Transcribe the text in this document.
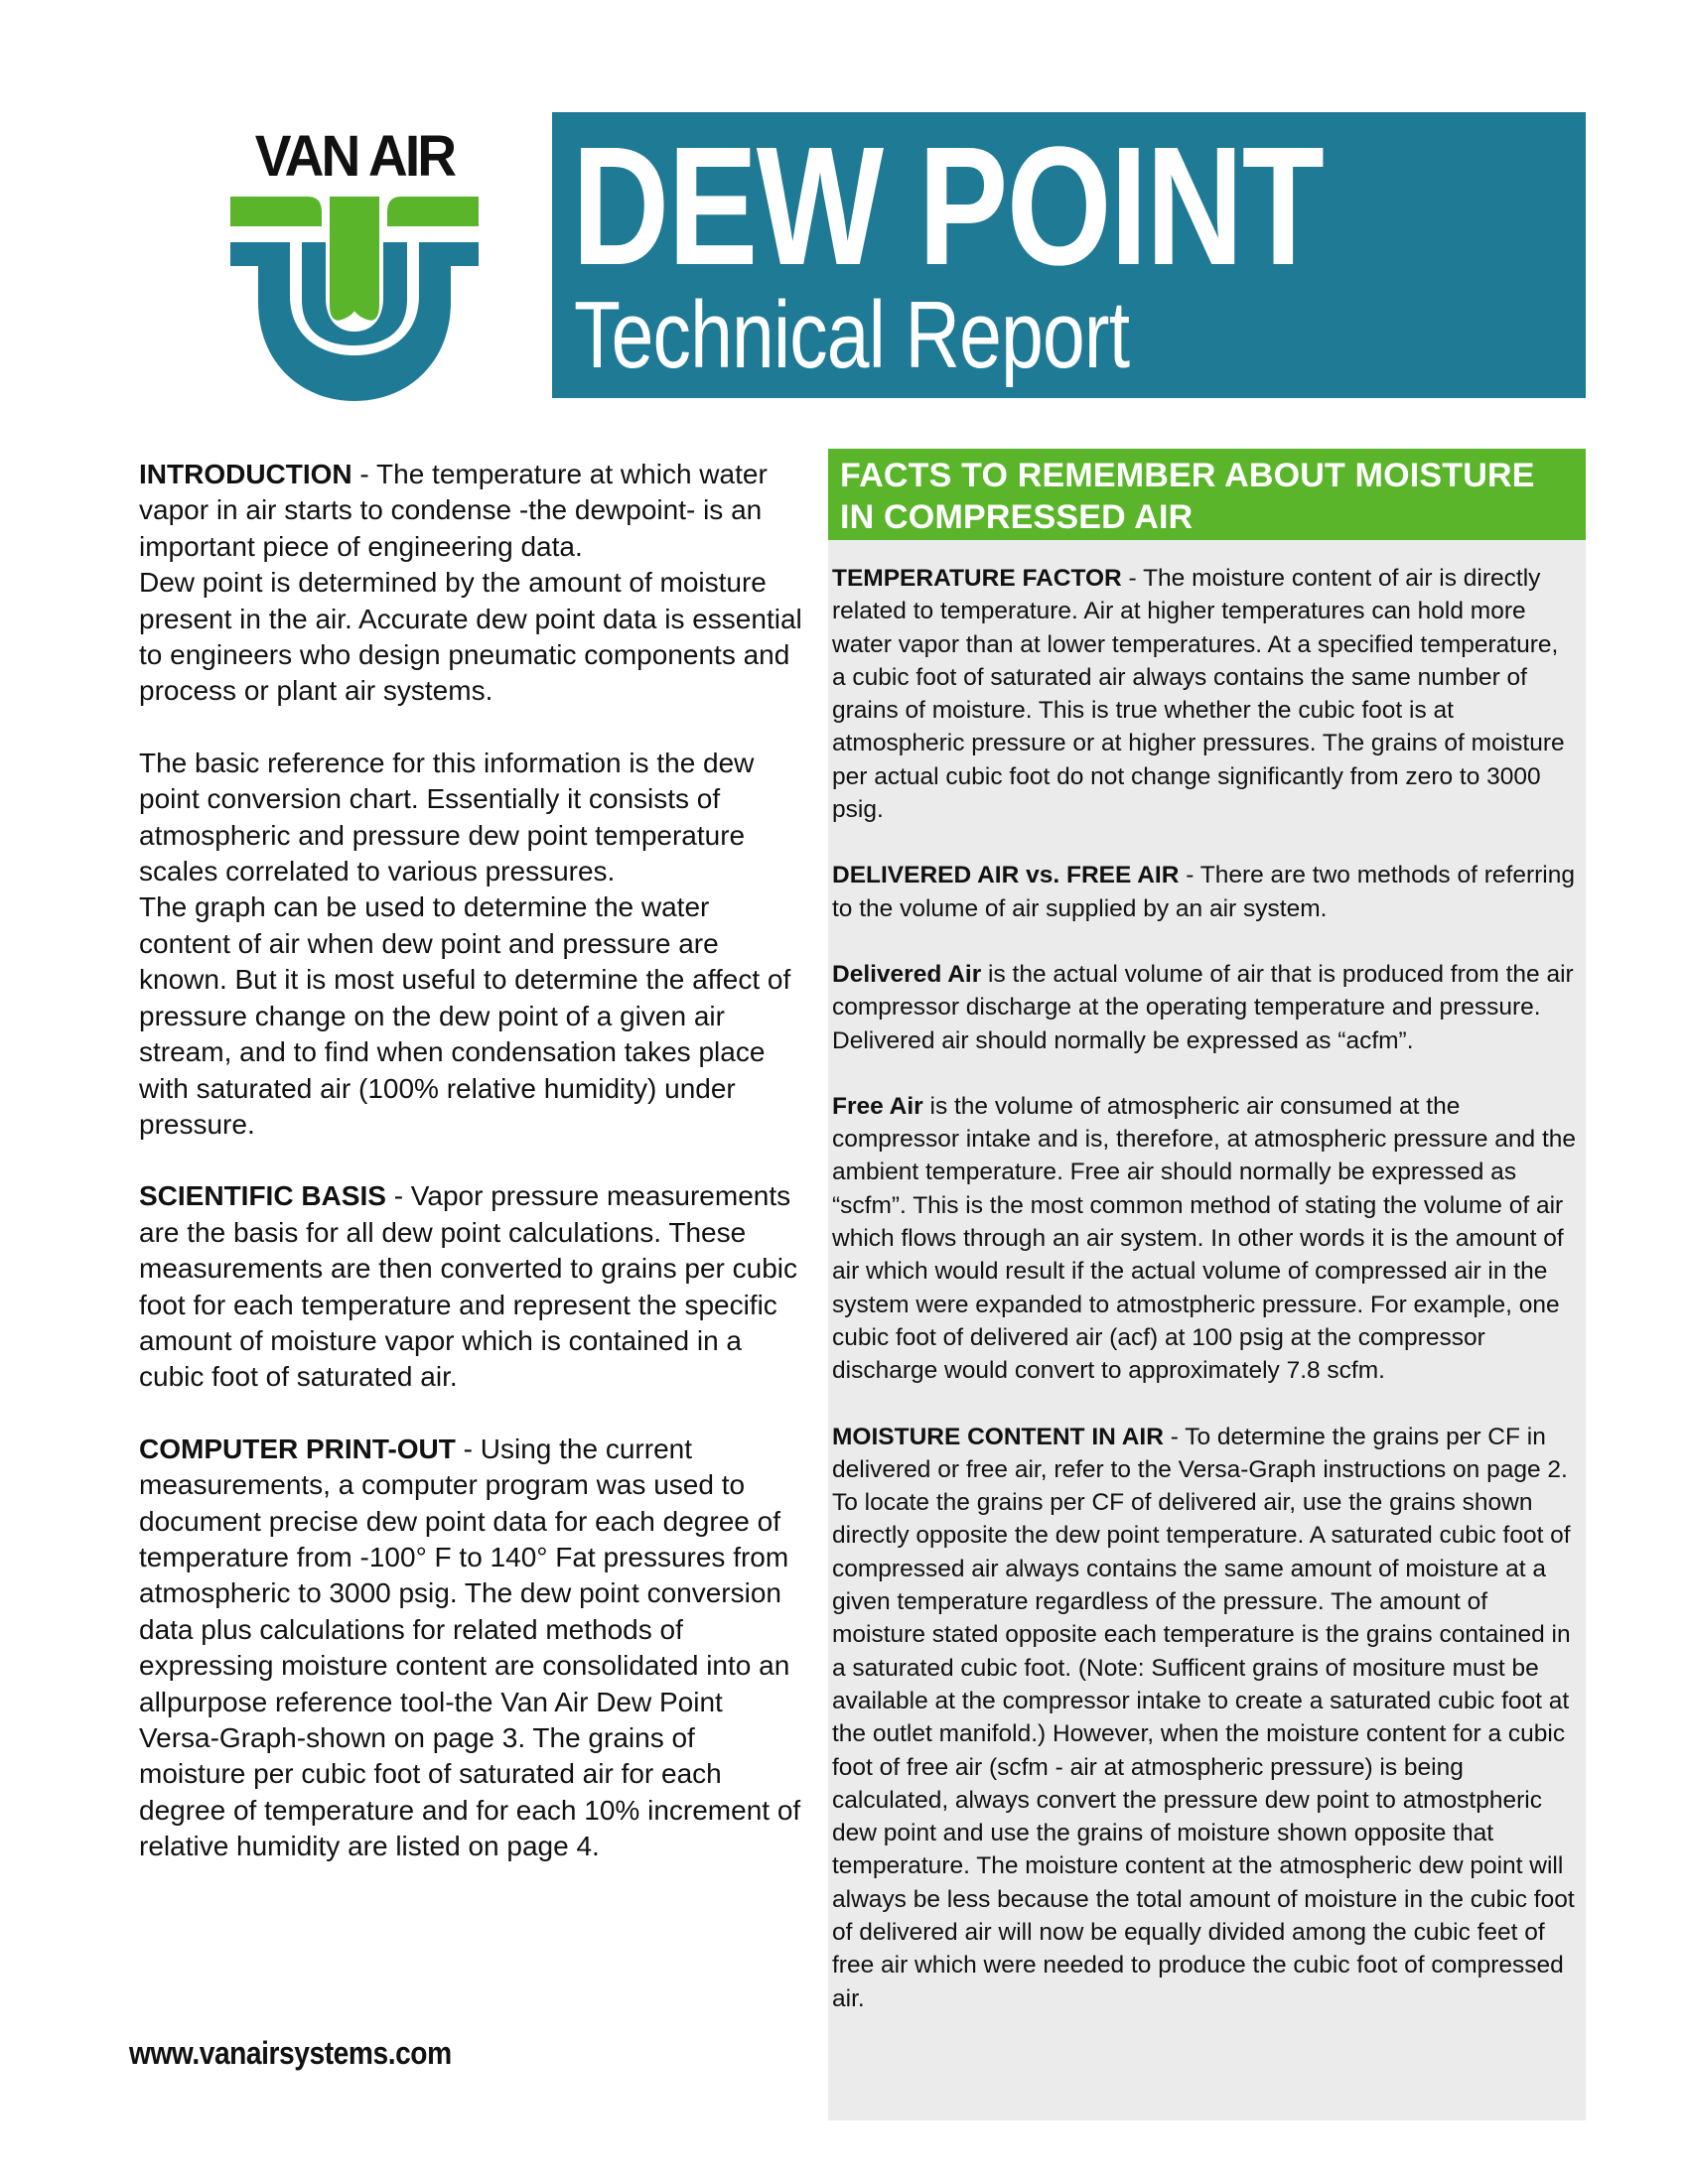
VAN AIR DEW POINT
Technical Report

INTRODUCTION - The temperature at which water vapor in air starts to condense -the dewpoint- is an important piece of engineering data.
Dew point is determined by the amount of moisture present in the air. Accurate dew point data is essential to engineers who design pneumatic components and process or plant air systems.

The basic reference for this information is the dew point conversion chart. Essentially it consists of atmospheric and pressure dew point temperature scales correlated to various pressures.
The graph can be used to determine the water content of air when dew point and pressure are known. But it is most useful to determine the affect of pressure change on the dew point of a given air stream, and to find when condensation takes place with saturated air (100% relative humidity) under pressure.

SCIENTIFIC BASIS - Vapor pressure measurements are the basis for all dew point calculations. These measurements are then converted to grains per cubic foot for each temperature and represent the specific amount of moisture vapor which is contained in a cubic foot of saturated air.

COMPUTER PRINT-OUT - Using the current measurements, a computer program was used to document precise dew point data for each degree of temperature from -100° F to 140° Fat pressures from atmospheric to 3000 psig. The dew point conversion data plus calculations for related methods of expressing moisture content are consolidated into an allpurpose reference tool-the Van Air Dew Point Versa-Graph-shown on page 3. The grains of moisture per cubic foot of saturated air for each degree of temperature and for each 10% increment of relative humidity are listed on page 4.

www.vanairsystems.com
FACTS TO REMEMBER ABOUT MOISTURE IN COMPRESSED AIR

TEMPERATURE FACTOR - The moisture content of air is directly related to temperature. Air at higher temperatures can hold more water vapor than at lower temperatures. At a specified temperature, a cubic foot of saturated air always contains the same number of grains of moisture. This is true whether the cubic foot is at atmospheric pressure or at higher pressures. The grains of moisture per actual cubic foot do not change significantly from zero to 3000 psig.

DELIVERED AIR vs. FREE AIR - There are two methods of referring to the volume of air supplied by an air system.

Delivered Air is the actual volume of air that is produced from the air compressor discharge at the operating temperature and pressure. Delivered air should normally be expressed as “acfm”.

Free Air is the volume of atmospheric air consumed at the compressor intake and is, therefore, at atmospheric pressure and the ambient temperature. Free air should normally be expressed as “scfm”. This is the most common method of stating the volume of air which flows through an air system. In other words it is the amount of air which would result if the actual volume of compressed air in the system were expanded to atmostpheric pressure. For example, one cubic foot of delivered air (acf) at 100 psig at the compressor discharge would convert to approximately 7.8 scfm.

MOISTURE CONTENT IN AIR - To determine the grains per CF in delivered or free air, refer to the Versa-Graph instructions on page 2. To locate the grains per CF of delivered air, use the grains shown directly opposite the dew point temperature. A saturated cubic foot of compressed air always contains the same amount of moisture at a given temperature regardless of the pressure. The amount of moisture stated opposite each temperature is the grains contained in a saturated cubic foot. (Note: Sufficent grains of mositure must be available at the compressor intake to create a saturated cubic foot at the outlet manifold.) However, when the moisture content for a cubic foot of free air (scfm - air at atmospheric pressure) is being calculated, always convert the pressure dew point to atmostpheric dew point and use the grains of moisture shown opposite that temperature. The moisture content at the atmospheric dew point will always be less because the total amount of moisture in the cubic foot of delivered air will now be equally divided among the cubic feet of free air which were needed to produce the cubic foot of compressed air.
